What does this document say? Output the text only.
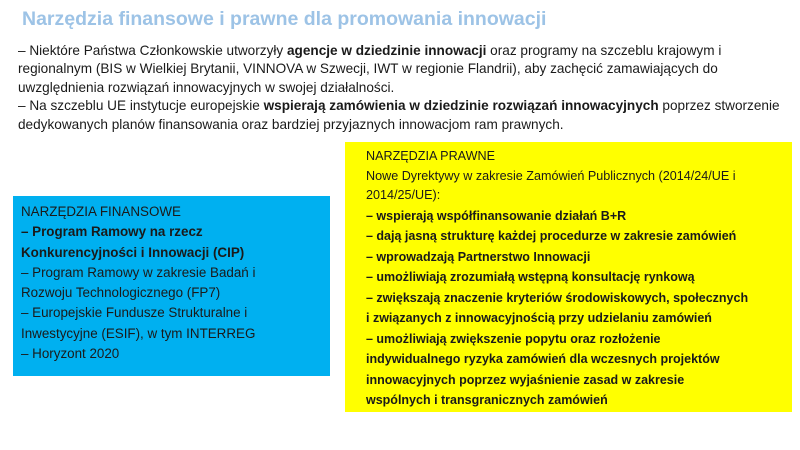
Narzędzia finansowe i prawne dla promowania innowacji

– Niektóre Państwa Członkowskie utworzyły agencje w dziedzinie innowacji oraz programy na szczeblu krajowym i regionalnym (BIS w Wielkiej Brytanii, VINNOVA w Szwecji, IWT w regionie Flandrii), aby zachęcić zamawiających do uwzględnienia rozwiązań innowacyjnych w swojej działalności.

– Na szczeblu UE instytucje europejskie wspierają zamówienia w dziedzinie rozwiązań innowacyjnych poprzez stworzenie dedykowanych planów finansowania oraz bardziej przyjaznych innowacjom ram prawnych.

NARZĘDZIA FINANSOWE
– Program Ramowy na rzecz
Konkurencyjności i Innowacji (CIP)
– Program Ramowy w zakresie Badań i
Rozwoju Technologicznego (FP7)
– Europejskie Fundusze Strukturalne i
Inwestycyjne (ESIF), w tym INTERREG
– Horyzont 2020
NARZĘDZIA PRAWNE
Nowe Dyrektywy w zakresie Zamówień Publicznych (2014/24/UE i
2014/25/UE):
– wspierają współfinansowanie działań B+R
– dają jasną strukturę każdej procedurze w zakresie zamówień
– wprowadzają Partnerstwo Innowacji
– umożliwiają zrozumiałą wstępną konsultację rynkową
– zwiększają znaczenie kryteriów środowiskowych, społecznych
i związanych z innowacyjnością przy udzielaniu zamówień
– umożliwiają zwiększenie popytu oraz rozłożenie
indywidualnego ryzyka zamówień dla wczesnych projektów
innowacyjnych poprzez wyjaśnienie zasad w zakresie
wspólnych i transgranicznych zamówień
